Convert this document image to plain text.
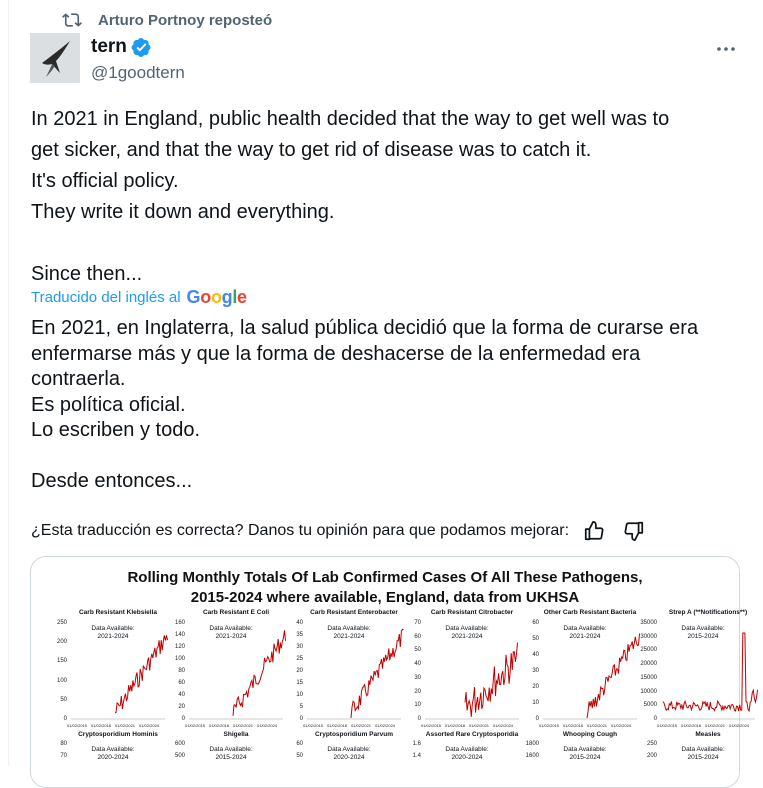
Arturo Portnoy reposteó
tern
@1goodtern
In 2021 in England, public health decided that the way to get well was to
get sicker, and that the way to get rid of disease was to catch it.
It's official policy.
They write it down and everything.
Since then...
Traducido del inglés al Google
En 2021, en Inglaterra, la salud pública decidió que la forma de curarse era
enfermarse más y que la forma de deshacerse de la enfermedad era
contraerla.
Es política oficial.
Lo escriben y todo.
Desde entonces...
¿Esta traducción es correcta? Danos tu opinión para que podamos mejorar:
Rolling Monthly Totals Of Lab Confirmed Cases Of All These Pathogens,
2015-2024 where available, England, data from UKHSA
Carb Resistant Klebsiella
Data Available:
2021-2024
250
200
150
100
50
0
01/02/2015 01/02/2018 01/02/2021 01/02/2024
Carb Resistant E Coli
Data Available:
2021-2024
160
140
120
100
80
60
40
20
0
01/02/2015 01/02/2018 01/02/2021 01/02/2024
Carb Resistant Enterobacter
Data Available:
2021-2024
40
35
30
25
20
15
10
5
0
01/02/2015 01/02/2018 01/02/2021 01/02/2024
Carb Resistant Citrobacter
Data Available:
2021-2024
70
60
50
40
30
20
10
0
01/02/2015 01/02/2018 01/02/2021 01/02/2024
Other Carb Resistant Bacteria
Data Available:
2021-2024
60
50
40
30
20
10
0
01/02/2015 01/02/2018 01/02/2021 01/02/2024
Strep A (**Notifications**)
Data Available:
2015-2024
35000
30000
25000
20000
15000
10000
5000
0
01/02/2015 01/02/2018 01/02/2021 01/02/2024
Cryptosporidium Hominis
Data Available:
2020-2024
80
70
Shigella
Data Available:
2015-2024
600
500
Cryptosporidium Parvum
Data Available:
2020-2024
60
50
Assorted Rare Cryptosporidia
Data Available:
2020-2024
1.6
1.4
Whooping Cough
Data Available:
2015-2024
1800
1600
Measles
Data Available:
2015-2024
250
200
